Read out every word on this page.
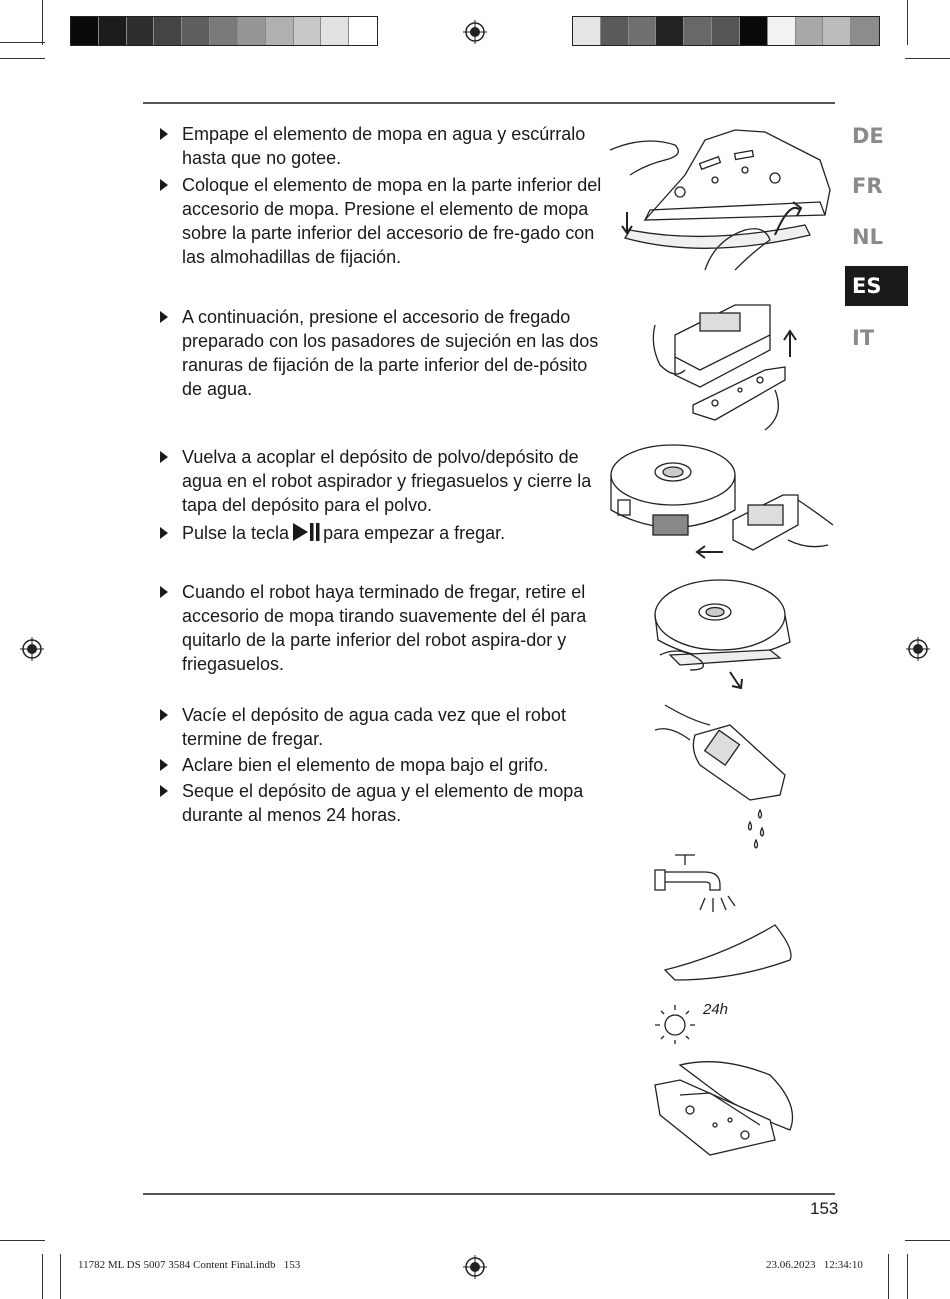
DE
FR
NL
ES
IT
Empape el elemento de mopa en agua y escúrralo hasta que no gotee.
Coloque el elemento de mopa en la parte inferior del accesorio de mopa. Presione el elemento de mopa sobre la parte inferior del accesorio de fre-gado con las almohadillas de fijación.
A continuación, presione el accesorio de fregado preparado con los pasadores de sujeción en las dos ranuras de fijación de la parte inferior del de-pósito de agua.
Vuelva a acoplar el depósito de polvo/depósito de agua en el robot aspirador y friegasuelos y cierre la tapa del depósito para el polvo.
Pulse la tecla para empezar a fregar.
Cuando el robot haya terminado de fregar, retire el accesorio de mopa tirando suavemente del él para quitarlo de la parte inferior del robot aspira-dor y friegasuelos.
Vacíe el depósito de agua cada vez que el robot termine de fregar.
Aclare bien el elemento de mopa bajo el grifo.
Seque el depósito de agua y el elemento de mopa durante al menos 24 horas.
24h
153
11782 ML DS 5007 3584 Content Final.indb   153	23.06.2023   12:34:10
